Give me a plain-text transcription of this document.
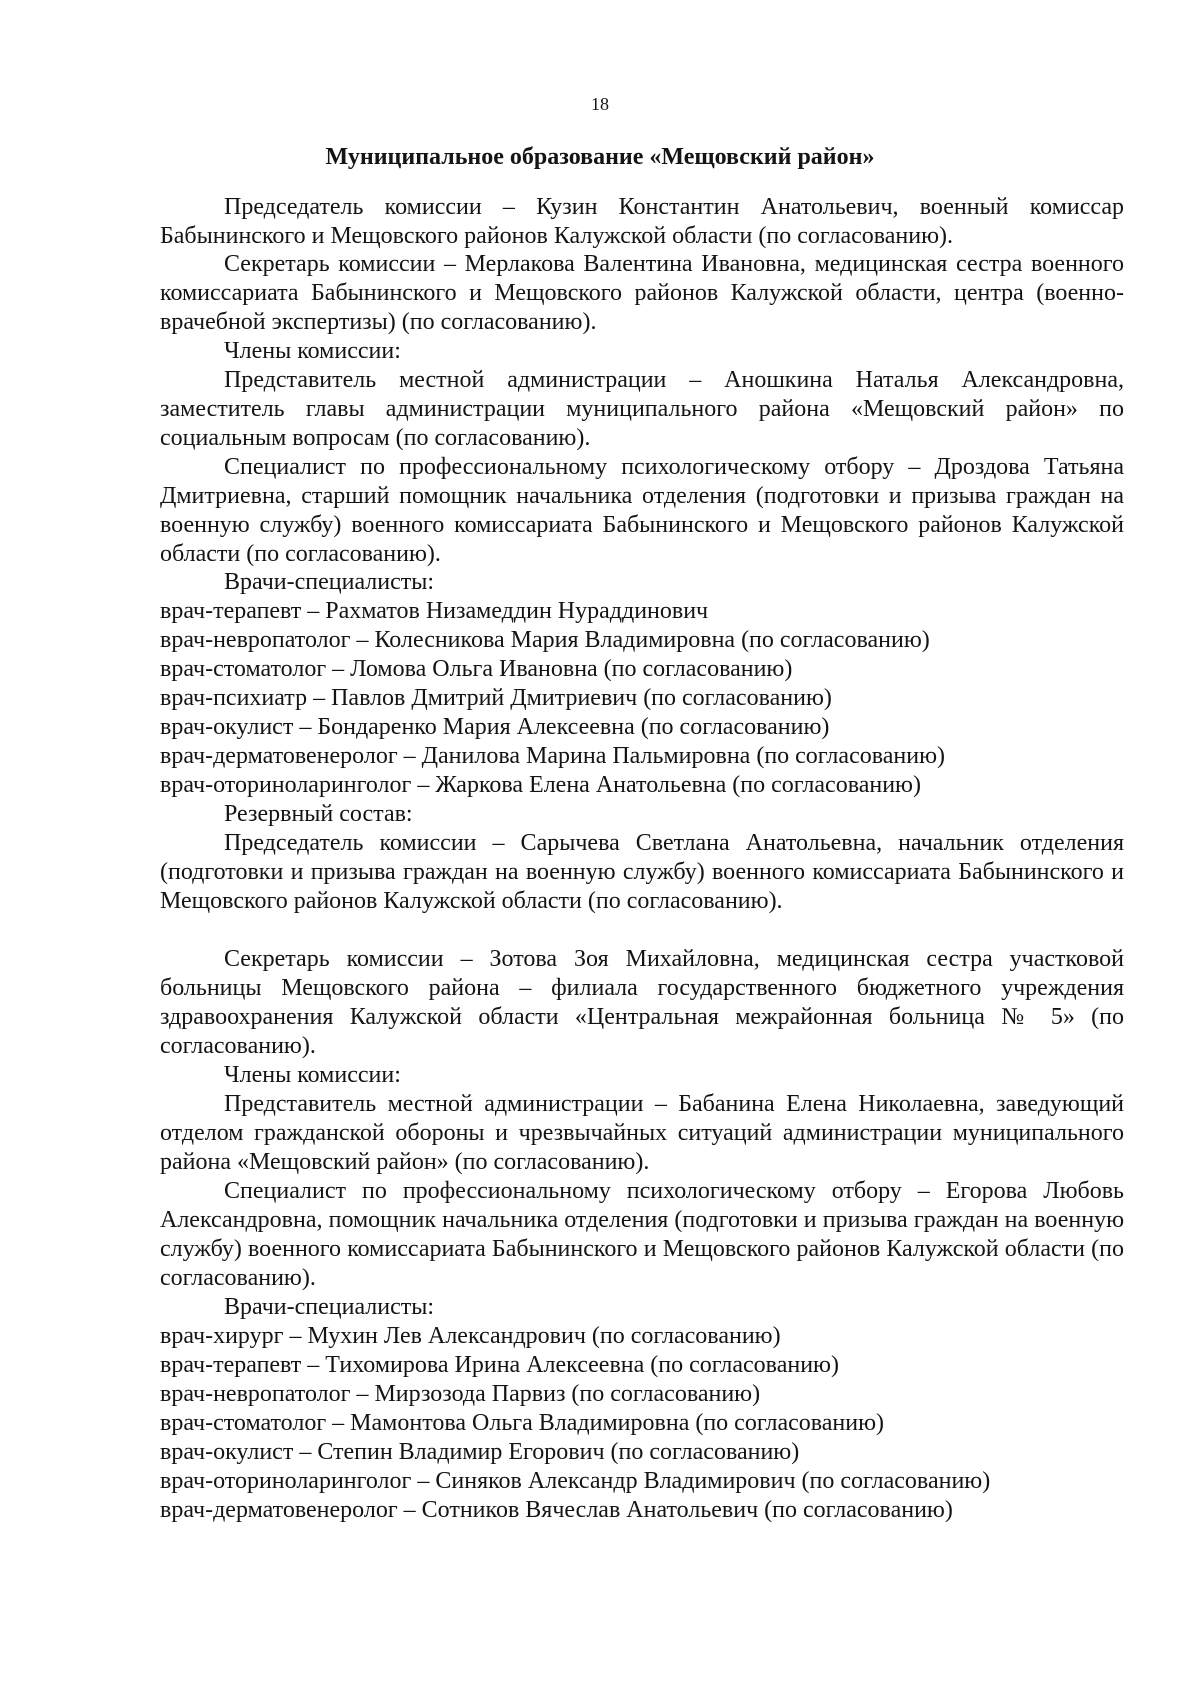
18
Муниципальное образование «Мещовский район»

Председатель комиссии – Кузин Константин Анатольевич, военный комиссар Бабынинского и Мещовского районов Калужской области (по согласованию).

Секретарь комиссии – Мерлакова Валентина Ивановна, медицинская сестра военного комиссариата Бабынинского и Мещовского районов Калужской области, центра (военно-врачебной экспертизы) (по согласованию).

Члены комиссии:

Представитель местной администрации – Аношкина Наталья Александровна, заместитель главы администрации муниципального района «Мещовский район» по социальным вопросам (по согласованию).

Специалист по профессиональному психологическому отбору – Дроздова Татьяна Дмитриевна, старший помощник начальника отделения (подготовки и призыва граждан на военную службу) военного комиссариата Бабынинского и Мещовского районов Калужской области (по согласованию).

Врачи-специалисты:

врач-терапевт – Рахматов Низамеддин Нураддинович
врач-невропатолог – Колесникова Мария Владимировна (по согласованию)
врач-стоматолог – Ломова Ольга Ивановна (по согласованию)
врач-психиатр – Павлов Дмитрий Дмитриевич (по согласованию)
врач-окулист – Бондаренко Мария Алексеевна (по согласованию)
врач-дерматовенеролог – Данилова Марина Пальмировна (по согласованию)
врач-оториноларинголог – Жаркова Елена Анатольевна (по согласованию)

Резервный состав:

Председатель комиссии – Сарычева Светлана Анатольевна, начальник отделения (подготовки и призыва граждан на военную службу) военного комиссариата Бабынинского и Мещовского районов Калужской области (по согласованию).

Секретарь комиссии – Зотова Зоя Михайловна, медицинская сестра участковой больницы Мещовского района – филиала государственного бюджетного учреждения здравоохранения Калужской области «Центральная межрайонная больница № 5» (по согласованию).

Члены комиссии:

Представитель местной администрации – Бабанина Елена Николаевна, заведующий отделом гражданской обороны и чрезвычайных ситуаций администрации муниципального района «Мещовский район» (по согласованию).

Специалист по профессиональному психологическому отбору – Егорова Любовь Александровна, помощник начальника отделения (подготовки и призыва граждан на военную службу) военного комиссариата Бабынинского и Мещовского районов Калужской области (по согласованию).

Врачи-специалисты:

врач-хирург – Мухин Лев Александрович (по согласованию)
врач-терапевт – Тихомирова Ирина Алексеевна (по согласованию)
врач-невропатолог – Мирзозода Парвиз (по согласованию)
врач-стоматолог – Мамонтова Ольга Владимировна (по согласованию)
врач-окулист – Степин Владимир Егорович (по согласованию)
врач-оториноларинголог – Синяков Александр Владимирович (по согласованию)
врач-дерматовенеролог – Сотников Вячеслав Анатольевич (по согласованию)
